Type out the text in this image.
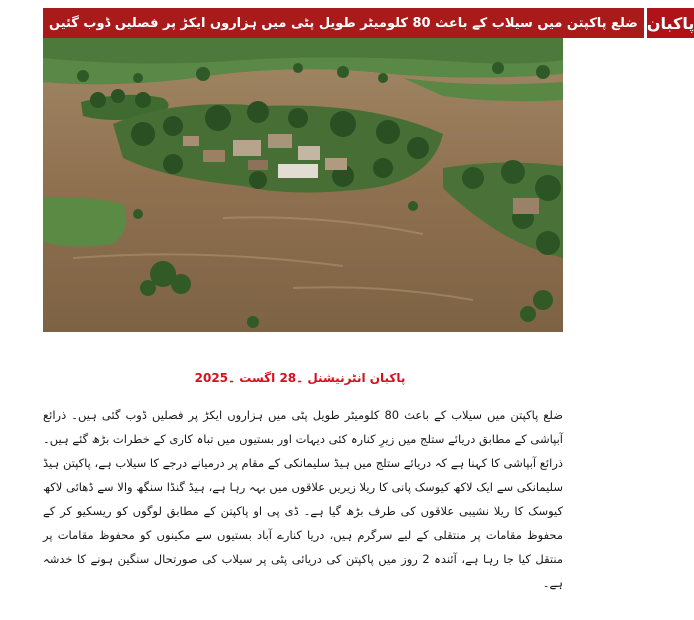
ضلع پاکپتن میں سیلاب کے باعث 80 کلومیٹر طویل پٹی میں ہزاروں ایکڑ پر فصلیں ڈوب گئیں پاکبان
پاکبان انٹرنیشنل ۔28 اگست ۔2025
ضلع پاکپتن میں سیلاب کے باعث 80 کلومیٹر طویل پٹی میں ہزاروں ایکڑ پر فصلیں ڈوب گئی ہیں۔ ذرائع آبپاشی کے مطابق دریائے ستلج میں زیرِ کنارہ کئی دیہات اور بستیوں میں تباہ کاری کے خطرات بڑھ گئے ہیں۔ ذرائع آبپاشی کا کہنا ہے کہ دریائے ستلج میں ہیڈ سلیمانکی کے مقام پر درمیانے درجے کا سیلاب ہے، پاکپتن ہیڈ سلیمانکی سے ایک لاکھ کیوسک پانی کا ریلا زیریں علاقوں میں بہہ رہا ہے، ہیڈ گنڈا سنگھ والا سے ڈھائی لاکھ کیوسک کا ریلا نشیبی علاقوں کی طرف بڑھ گیا ہے۔ ڈی پی او پاکپتن کے مطابق لوگوں کو ریسکیو کر کے محفوظ مقامات پر منتقلی کے لیے سرگرم ہیں، دریا کنارے آباد بستیوں سے مکینوں کو محفوظ مقامات پر منتقل کیا جا رہا ہے، آئندہ 2 روز میں پاکپتن کی دریائی پٹی پر سیلاب کی صورتحال سنگین ہونے کا خدشہ ہے۔
